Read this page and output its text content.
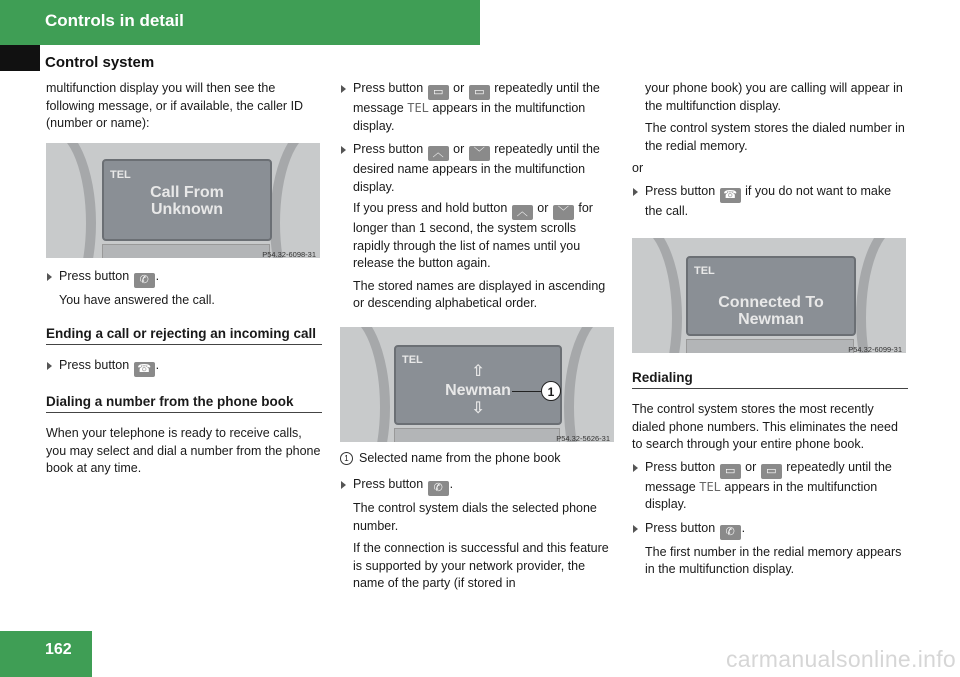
Controls in detail
Control system

multifunction display you will then see the following message, or if available, the caller ID (number or name):

TEL
Call From
Unknown
P54.32-6098-31
Press button ✆ .

You have answered the call.

Ending a call or rejecting an incoming call
Press button ☎ .
Dialing a number from the phone book

When your telephone is ready to receive calls, you may select and dial a number from the phone book at any time.

Press button ▭ or ▭ repeatedly until the message TEL appears in the multifunction display.
Press button ︿ or ﹀ repeatedly until the desired name appears in the multifunction display.

If you press and hold button ︿ or ﹀ for longer than 1 second, the system scrolls rapidly through the list of names until you release the button again.

The stored names are displayed in ascending or descending alphabetical order.

TEL
⇧
Newman
⇩
1
P54.32-5626-31

1 Selected name from the phone book

Press button ✆ .

The control system dials the selected phone number.

If the connection is successful and this feature is supported by your network provider, the name of the party (if stored in

your phone book) you are calling will appear in the multifunction display.

The control system stores the dialed number in the redial memory.

or

Press button ☎ if you do not want to make the call.
TEL
Connected To
Newman
P54.32-6099-31
Redialing

The control system stores the most recently dialed phone numbers. This eliminates the need to search through your entire phone book.

Press button ▭ or ▭ repeatedly until the message TEL appears in the multifunction display.
Press button ✆ .

The first number in the redial memory appears in the multifunction display.

162	carmanualsonline.info
